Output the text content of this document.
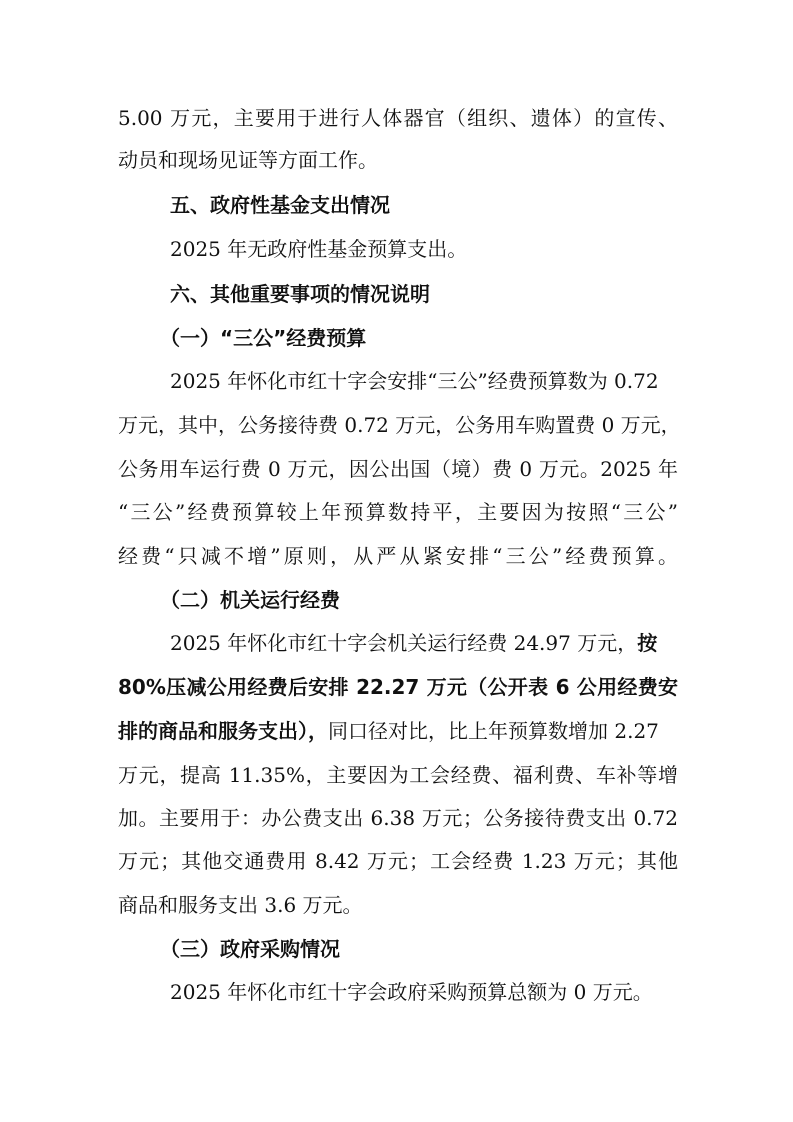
5.00 万元，主要用于进行人体器官（组织、遗体）的宣传、
动员和现场见证等方面工作。
五、政府性基金支出情况
2025 年无政府性基金预算支出。
六、其他重要事项的情况说明
（一）“三公”经费预算
2025 年怀化市红十字会安排“三公”经费预算数为 0.72
万元，其中，公务接待费 0.72 万元，公务用车购置费 0 万元，
公务用车运行费 0 万元，因公出国（境）费 0 万元。2025 年
“三公”经费预算较上年预算数持平，主要因为按照“三公”
经费“只减不增”原则，从严从紧安排“三公”经费预算。
（二）机关运行经费
2025 年怀化市红十字会机关运行经费 24.97 万元，按
80%压减公用经费后安排 22.27 万元（公开表 6 公用经费安
排的商品和服务支出），同口径对比，比上年预算数增加 2.27
万元，提高 11.35%，主要因为工会经费、福利费、车补等增
加。主要用于：办公费支出 6.38 万元；公务接待费支出 0.72
万元；其他交通费用 8.42 万元；工会经费 1.23 万元；其他
商品和服务支出 3.6 万元。
（三）政府采购情况
2025 年怀化市红十字会政府采购预算总额为 0 万元。
